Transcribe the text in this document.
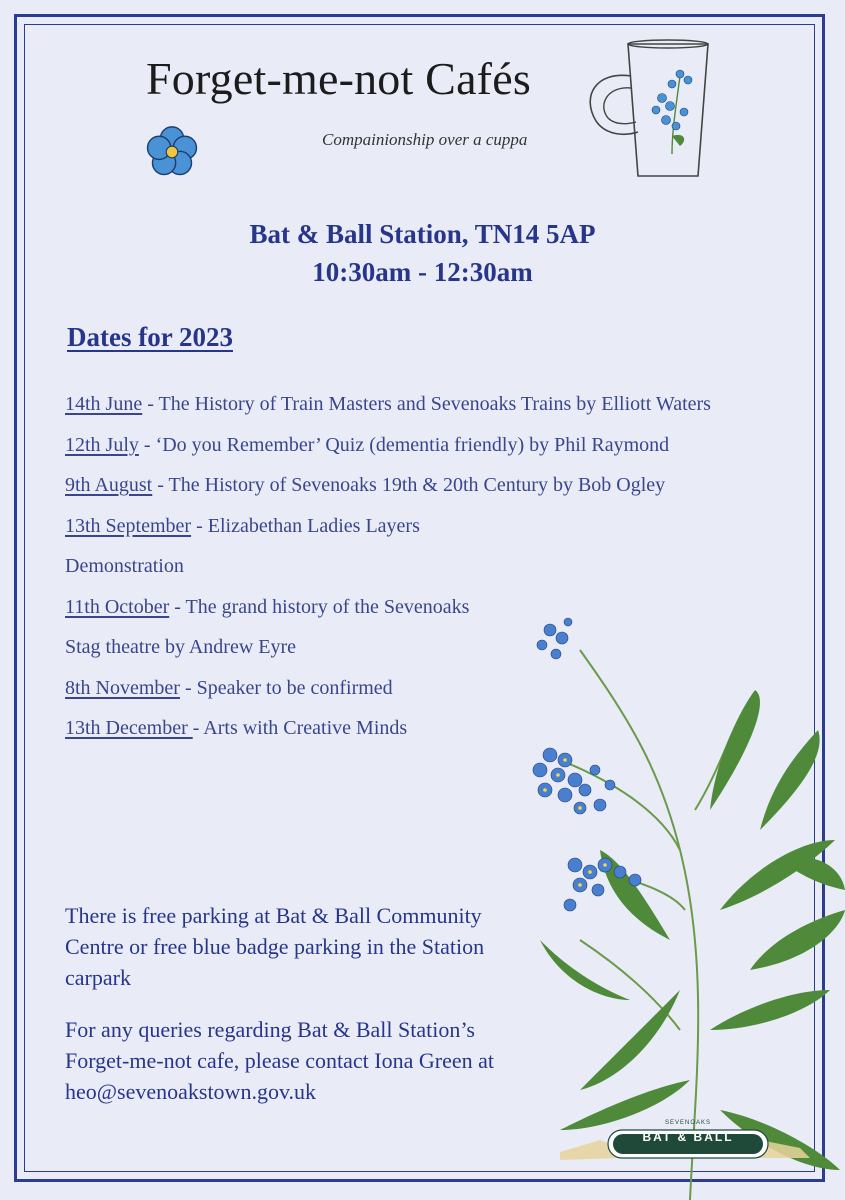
Forget-me-not Cafés
Compainionship over a cuppa
Bat & Ball Station, TN14 5AP
10:30am - 12:30am
Dates for 2023
14th June - The History of Train Masters and Sevenoaks Trains by Elliott Waters
12th July - ‘Do you Remember’ Quiz (dementia friendly) by Phil Raymond
9th August - The History of Sevenoaks 19th & 20th Century by Bob Ogley
13th September - Elizabethan Ladies Layers Demonstration
11th October - The grand history of the Sevenoaks Stag theatre by Andrew Eyre
8th November - Speaker to be confirmed
13th December - Arts with Creative Minds
There is free parking at Bat & Ball Community Centre or free blue badge parking in the Station carpark
For any queries regarding Bat & Ball Station’s Forget-me-not cafe, please contact Iona Green at heo@sevenoakstown.gov.uk
SEVENOAKS
BAT & BALL
KENT
